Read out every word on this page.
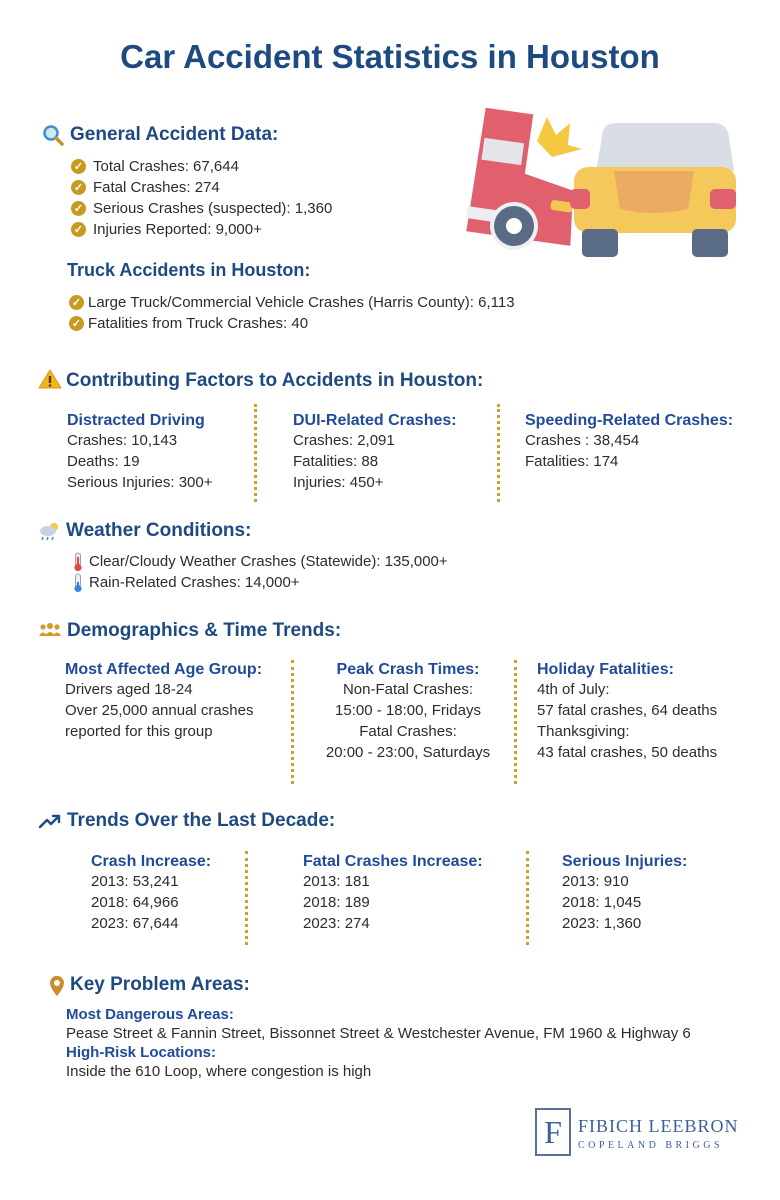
Car Accident Statistics in Houston
General Accident Data:
✓ Total Crashes: 67,644
✓ Fatal Crashes: 274
✓ Serious Crashes (suspected): 1,360
✓ Injuries Reported: 9,000+
Truck Accidents in Houston:
✓ Large Truck/Commercial Vehicle Crashes (Harris County): 6,113
✓ Fatalities from Truck Crashes: 40
Contributing Factors to Accidents in Houston:
Distracted Driving
Crashes: 10,143
Deaths: 19
Serious Injuries: 300+
DUI-Related Crashes:
Crashes: 2,091
Fatalities: 88
Injuries: 450+
Speeding-Related Crashes:
Crashes : 38,454
Fatalities: 174
Weather Conditions:
Clear/Cloudy Weather Crashes (Statewide): 135,000+
Rain-Related Crashes: 14,000+
Demographics & Time Trends:
Most Affected Age Group:
Drivers aged 18-24
Over 25,000 annual crashes
reported for this group
Peak Crash Times:
Non-Fatal Crashes:
15:00 - 18:00, Fridays
Fatal Crashes:
20:00 - 23:00, Saturdays
Holiday Fatalities:
4th of July:
57 fatal crashes, 64 deaths
Thanksgiving:
43 fatal crashes, 50 deaths
Trends Over the Last Decade:
Crash Increase:
2013: 53,241
2018: 64,966
2023: 67,644
Fatal Crashes Increase:
2013: 181
2018: 189
2023: 274
Serious Injuries:
2013: 910
2018: 1,045
2023: 1,360
Key Problem Areas:
Most Dangerous Areas:
Pease Street & Fannin Street, Bissonnet Street & Westchester Avenue, FM 1960 & Highway 6
High-Risk Locations:
Inside the 610 Loop, where congestion is high
F FIBICH LEEBRON
COPELAND BRIGGS
